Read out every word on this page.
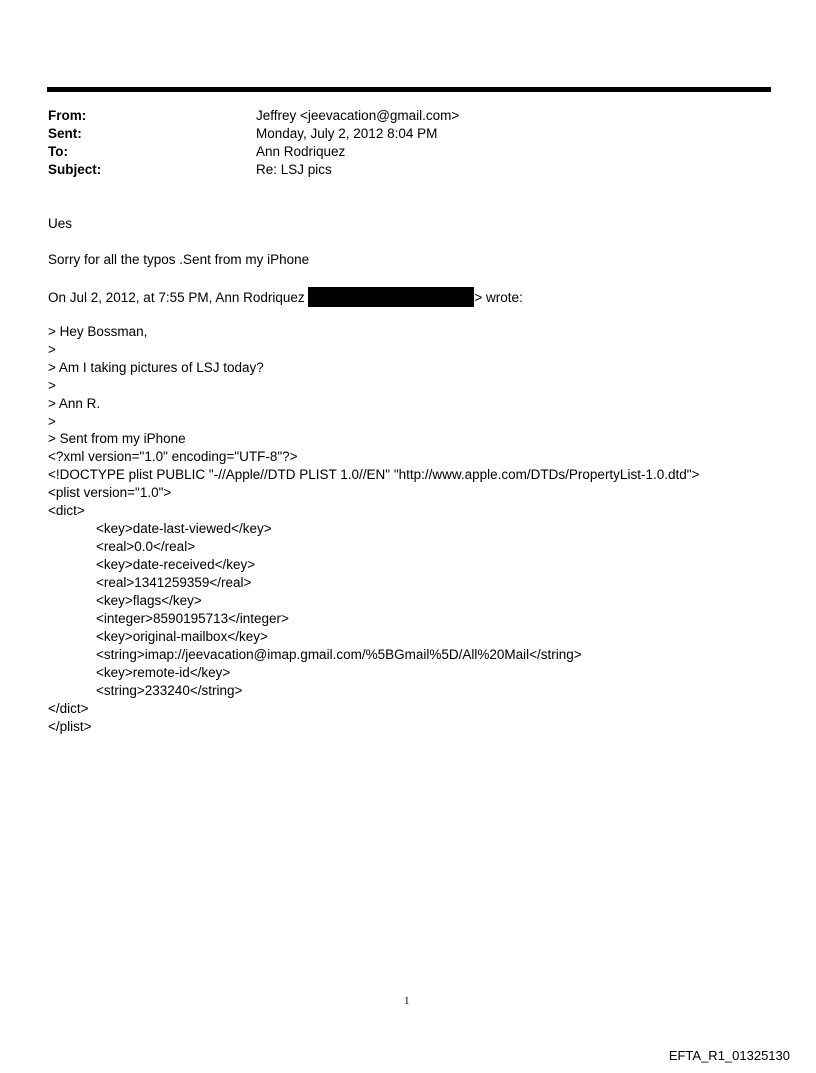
From:	Jeffrey <jeevacation@gmail.com>
Sent:	Monday, July 2, 2012 8:04 PM
To:	Ann Rodriquez
Subject:	Re: LSJ pics
Ues
Sorry for all the typos .Sent from my iPhone
On Jul 2, 2012, at 7:55 PM, Ann Rodriquez	> wrote:
> Hey Bossman,
>
> Am I taking pictures of LSJ today?
>
> Ann R.
>
> Sent from my iPhone
<?xml version="1.0" encoding="UTF-8"?>
<!DOCTYPE plist PUBLIC "-//Apple//DTD PLIST 1.0//EN" "http://www.apple.com/DTDs/PropertyList-1.0.dtd">
<plist version="1.0">
<dict>
<key>date-last-viewed</key>
<real>0.0</real>
<key>date-received</key>
<real>1341259359</real>
<key>flags</key>
<integer>8590195713</integer>
<key>original-mailbox</key>
<string>imap://jeevacation@imap.gmail.com/%5BGmail%5D/All%20Mail</string>
<key>remote-id</key>
<string>233240</string>
</dict>
</plist>
1
EFTA_R1_01325130
